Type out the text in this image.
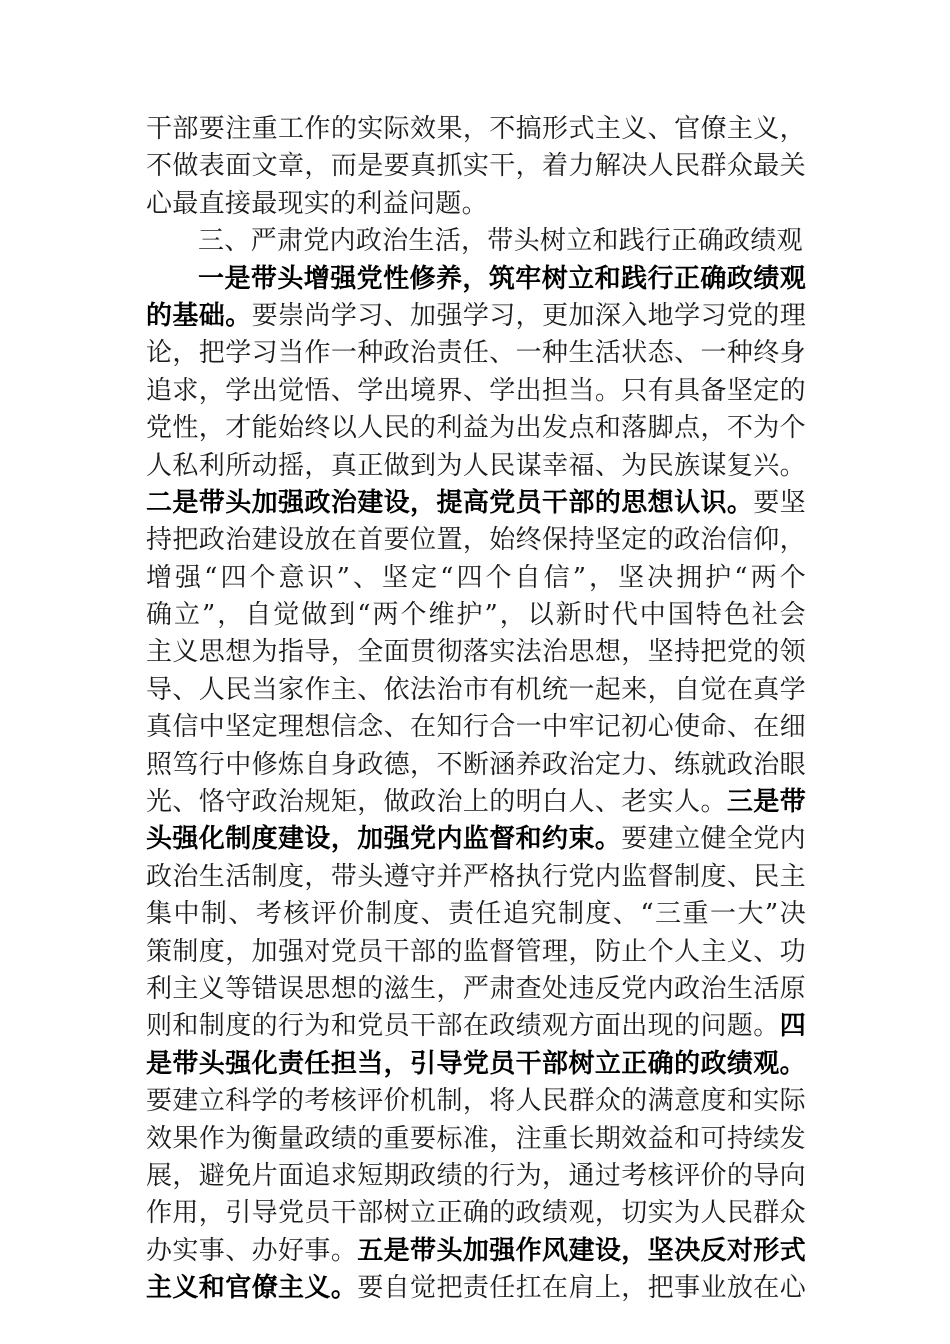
干部要注重工作的实际效果，不搞形式主义、官僚主义，
不做表面文章，而是要真抓实干，着力解决人民群众最关
心最直接最现实的利益问题。
三、严肃党内政治生活，带头树立和践行正确政绩观
一是带头增强党性修养，筑牢树立和践行正确政绩观
的基础。要崇尚学习、加强学习，更加深入地学习党的理
论，把学习当作一种政治责任、一种生活状态、一种终身
追求，学出觉悟、学出境界、学出担当。只有具备坚定的
党性，才能始终以人民的利益为出发点和落脚点，不为个
人私利所动摇，真正做到为人民谋幸福、为民族谋复兴。
二是带头加强政治建设，提高党员干部的思想认识。要坚
持把政治建设放在首要位置，始终保持坚定的政治信仰，
增强“四个意识”、坚定“四个自信”，坚决拥护“两个
确立”，自觉做到“两个维护”，以新时代中国特色社会
主义思想为指导，全面贯彻落实法治思想，坚持把党的领
导、人民当家作主、依法治市有机统一起来，自觉在真学
真信中坚定理想信念、在知行合一中牢记初心使命、在细
照笃行中修炼自身政德，不断涵养政治定力、练就政治眼
光、恪守政治规矩，做政治上的明白人、老实人。三是带
头强化制度建设，加强党内监督和约束。要建立健全党内
政治生活制度，带头遵守并严格执行党内监督制度、民主
集中制、考核评价制度、责任追究制度、“三重一大”决
策制度，加强对党员干部的监督管理，防止个人主义、功
利主义等错误思想的滋生，严肃查处违反党内政治生活原
则和制度的行为和党员干部在政绩观方面出现的问题。四
是带头强化责任担当，引导党员干部树立正确的政绩观。
要建立科学的考核评价机制，将人民群众的满意度和实际
效果作为衡量政绩的重要标准，注重长期效益和可持续发
展，避免片面追求短期政绩的行为，通过考核评价的导向
作用，引导党员干部树立正确的政绩观，切实为人民群众
办实事、办好事。五是带头加强作风建设，坚决反对形式
主义和官僚主义。要自觉把责任扛在肩上，把事业放在心
